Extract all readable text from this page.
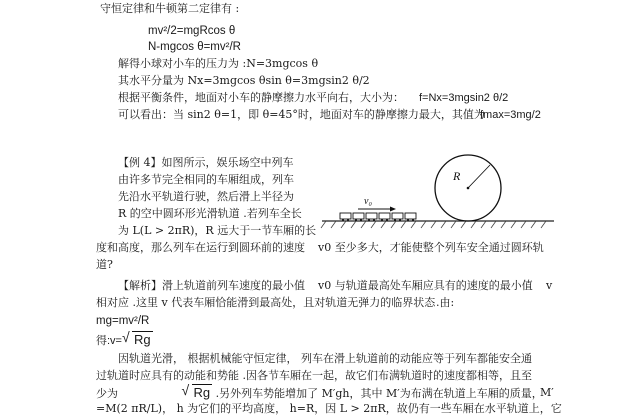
守恒定律和牛顿第二定律有 :
mv²/2=mgRcos θ
N-mgcos θ=mv²/R
解得小球对小车的压力为 :N=3mgcos θ
其水平分量为 Nx=3mgcos θsin θ=3mgsin2 θ/2
根据平衡条件，地面对小车的静摩擦力水平向右，大小为： f=Nx=3mgsin2 θ/2
可以看出：当 sin2 θ=1，即 θ=45°时，地面对车的静摩擦力最大，其值为
fmax=3mg/2
【例 4】如图所示，娱乐场空中列车
由许多节完全相同的车厢组成，列车
先沿水平轨道行驶，然后滑上半径为
R 的空中圆环形光滑轨道 .若列车全长
为 L(L > 2πR)，R 远大于一节车厢的长
度和高度，那么列车在运行到圆环前的速度 v0 至少多大，才能使整个列车安全通过圆环轨
道?
R
v₀
【解析】滑上轨道前列车速度的最小值 v0 与轨道最高处车厢应具有的速度的最小值 v
相对应 .这里 v 代表车厢恰能滑到最高处，且对轨道无弹力的临界状态 .由:
mg=mv²/R
得:v= √ Rg
因轨道光滑， 根据机械能守恒定律， 列车在滑上轨道前的动能应等于列车都能安全通
过轨道时应具有的动能和势能 .因各节车厢在一起，故它们布满轨道时的速度都相等，且至
少为	√ Rg .另外列车势能增加了 M′gh，其中 M′为布满在轨道上车厢的质量，
M′
=M(2 πR/L)， h 为它们的平均高度， h=R，因 L > 2πR，故仍有一些车厢在水平轨道上，它
